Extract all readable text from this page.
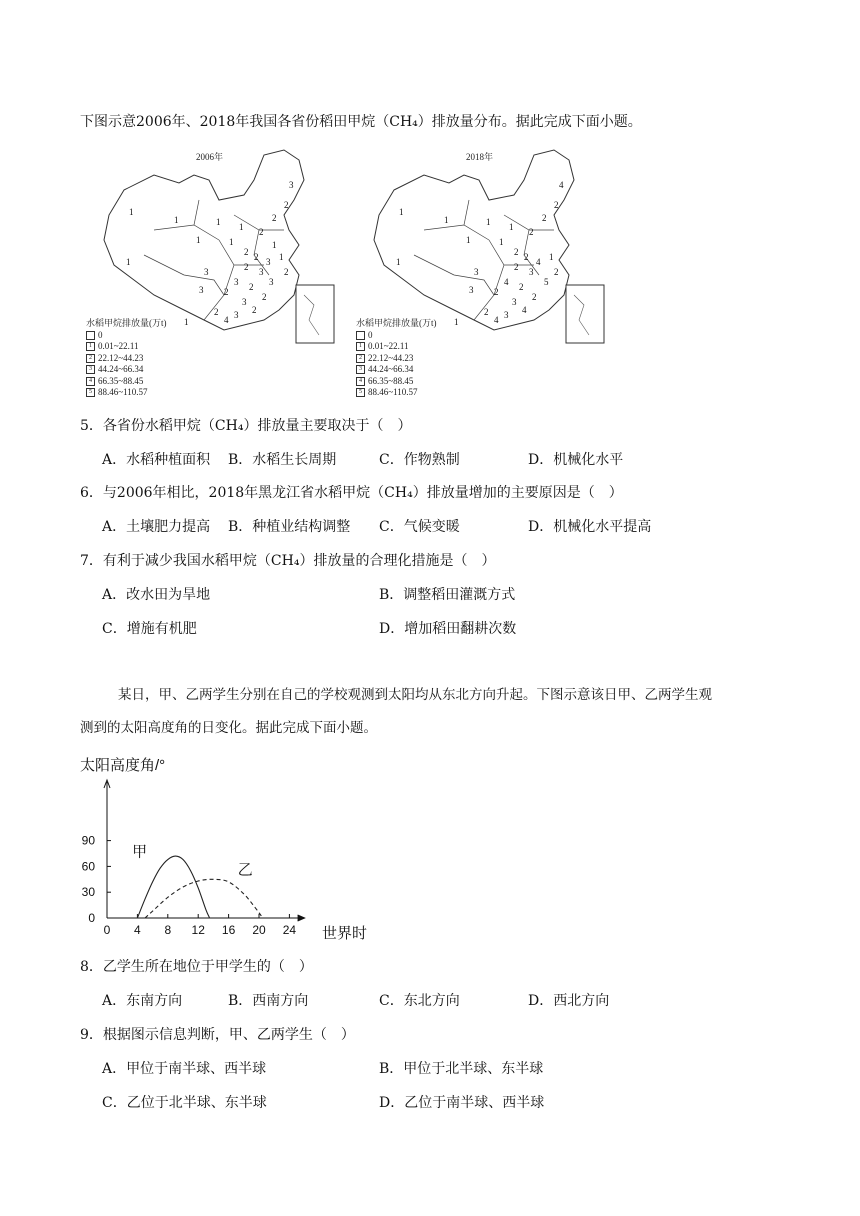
下图示意2006年、2018年我国各省份稻田甲烷（CH₄）排放量分布。据此完成下面小题。
2006年
1
1
1	1
1
3
2
2
2
1
1
2 2
2
3	3
3
3
2 2
3 2
2
1
1
1
3 2
3
3
4
2
水稻甲烷排放量(万t)
0
1 0.01~22.11
2 22.12~44.23
3 44.24~66.34
4 66.35~88.45
5 88.46~110.57
2018年
1
1
1	1
1
4
2
2
2
1
1
2 2
2
3	3
4
4	5
2 2
3 2
2
1
1
3 4
3
4
2
水稻甲烷排放量(万t)
0
1 0.01~22.11
2 22.12~44.23
3 44.24~66.34
4 66.35~88.45
5 88.46~110.57
5．各省份水稻甲烷（CH₄）排放量主要取决于（　）
A．水稻种植面积 B．水稻生长周期	C．作物熟制	D．机械化水平
6．与2006年相比，2018年黑龙江省水稻甲烷（CH₄）排放量增加的主要原因是（　）
A．土壤肥力提高 B．种植业结构调整 C．气候变暖	D．机械化水平提高
7．有利于减少我国水稻甲烷（CH₄）排放量的合理化措施是（　）
A．改水田为旱地	B．调整稻田灌溉方式
C．增施有机肥	D．增加稻田翻耕次数
某日，甲、乙两学生分别在自己的学校观测到太阳均从东北方向升起。下图示意该日甲、乙两学生观
测到的太阳高度角的日变化。据此完成下面小题。
太阳高度角/°
世界时
0 4 8 12 16 20 24
0
30
60
90
甲
乙
8．乙学生所在地位于甲学生的（　）
A．东南方向	B．西南方向	C．东北方向	D．西北方向
9．根据图示信息判断，甲、乙两学生（　）
A．甲位于南半球、西半球	B．甲位于北半球、东半球
C．乙位于北半球、东半球	D．乙位于南半球、西半球
